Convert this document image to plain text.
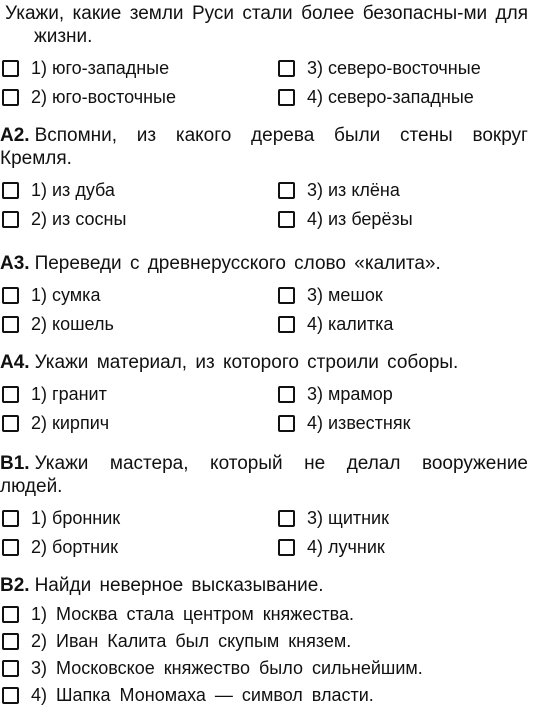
Укажи, какие земли Руси стали более безопасны-ми для жизни.
1) юго-западные
2) юго-восточные
3) северо-восточные
4) северо-западные
А2. Вспомни, из какого дерева были стены вокруг Кремля.
1) из дуба
2) из сосны
3) из клёна
4) из берёзы
А3. Переведи с древнерусского слово «калита».
1) сумка
2) кошель
3) мешок
4) калитка
А4. Укажи материал, из которого строили соборы.
1) гранит
2) кирпич
3) мрамор
4) известняк
В1. Укажи мастера, который не делал вооружение людей.
1) бронник
2) бортник
3) щитник
4) лучник
В2. Найди неверное высказывание.
1) Москва стала центром княжества.
2) Иван Калита был скупым князем.
3) Московское княжество было сильнейшим.
4) Шапка Мономаха — символ власти.
